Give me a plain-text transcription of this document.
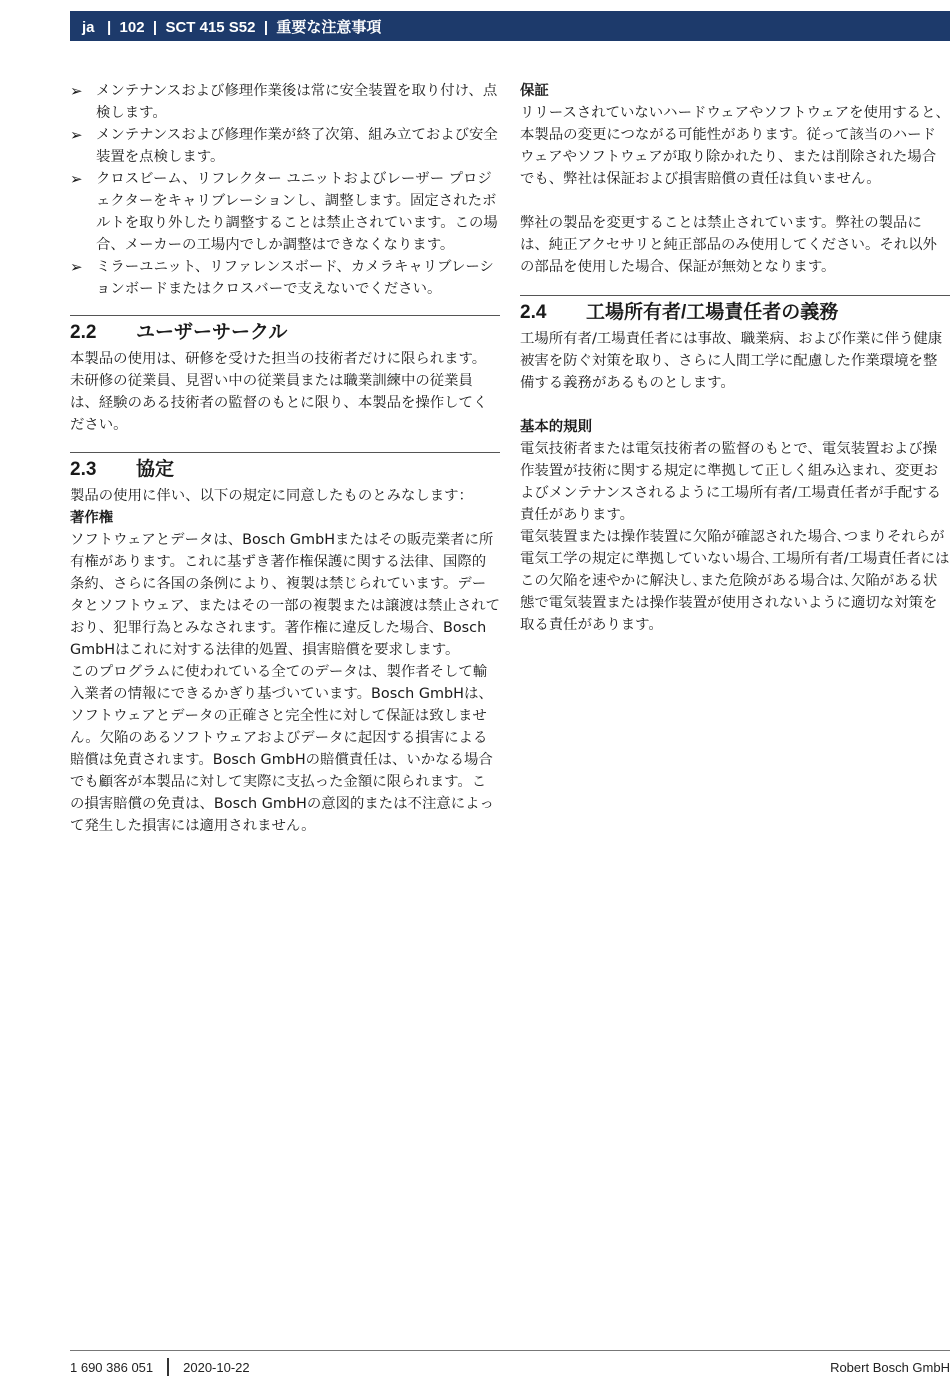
ja   |  102  |  SCT 415 S52  |  重要な注意事項
➢ メンテナンスおよび修理作業後は常に安全装置を取り付け、点検します。
➢ メンテナンスおよび修理作業が終了次第、組み立ておよび安全装置を点検します。
➢ クロスビーム、リフレクター ユニットおよびレーザー プロジェクターをキャリブレーションし、調整します。固定されたボルトを取り外したり調整することは禁止されています。この場合、メーカーの工場内でしか調整はできなくなります。
➢ ミラーユニット、リファレンスボード、カメラキャリブレーションボードまたはクロスバーで支えないでください。
2.2	ユーザーサークル

本製品の使用は、研修を受けた担当の技術者だけに限られます。未研修の従業員、見習い中の従業員または職業訓練中の従業員は、経験のある技術者の監督のもとに限り、本製品を操作してください。

2.3	協定

製品の使用に伴い、以下の規定に同意したものとみなします：

著作権

ソフトウェアとデータは、Bosch GmbHまたはその販売業者に所有権があります。これに基ずき著作権保護に関する法律、国際的条約、さらに各国の条例により、複製は禁じられています。データとソフトウェア、またはその一部の複製または譲渡は禁止されており、犯罪行為とみなされます。著作権に違反した場合、Bosch GmbHはこれに対する法律的処置、損害賠償を要求します。

このプログラムに使われている全てのデータは、製作者そして輸入業者の情報にできるかぎり基づいています。Bosch GmbHは、ソフトウェアとデータの正確さと完全性に対して保証は致しません。欠陥のあるソフトウェアおよびデータに起因する損害による賠償は免責されます。Bosch GmbHの賠償責任は、いかなる場合でも顧客が本製品に対して実際に支払った金額に限られます。この損害賠償の免責は、Bosch GmbHの意図的または不注意によって発生した損害には適用されません。

保証

リリースされていないハードウェアやソフトウェアを使用すると、本製品の変更につながる可能性があります。従って該当のハードウェアやソフトウェアが取り除かれたり、または削除された場合でも、弊社は保証および損害賠償の責任は負いません。

弊社の製品を変更することは禁止されています。弊社の製品には、純正アクセサリと純正部品のみ使用してください。それ以外の部品を使用した場合、保証が無効となります。

2.4	工場所有者/工場責任者の義務

工場所有者/工場責任者には事故、職業病、および作業に伴う健康被害を防ぐ対策を取り、さらに人間工学に配慮した作業環境を整備する義務があるものとします。

基本的規則

電気技術者または電気技術者の監督のもとで、電気装置および操作装置が技術に関する規定に準拠して正しく組み込まれ、変更およびメンテナンスされるように工場所有者/工場責任者が手配する責任があります。

電気装置または操作装置に欠陥が確認された場合､つまりそれらが電気工学の規定に準拠していない場合､工場所有者/工場責任者にはこの欠陥を速やかに解決し､また危険がある場合は､欠陥がある状態で電気装置または操作装置が使用されないように適切な対策を取る責任があります。

1 690 386 051 2020-10-22	Robert Bosch GmbH
